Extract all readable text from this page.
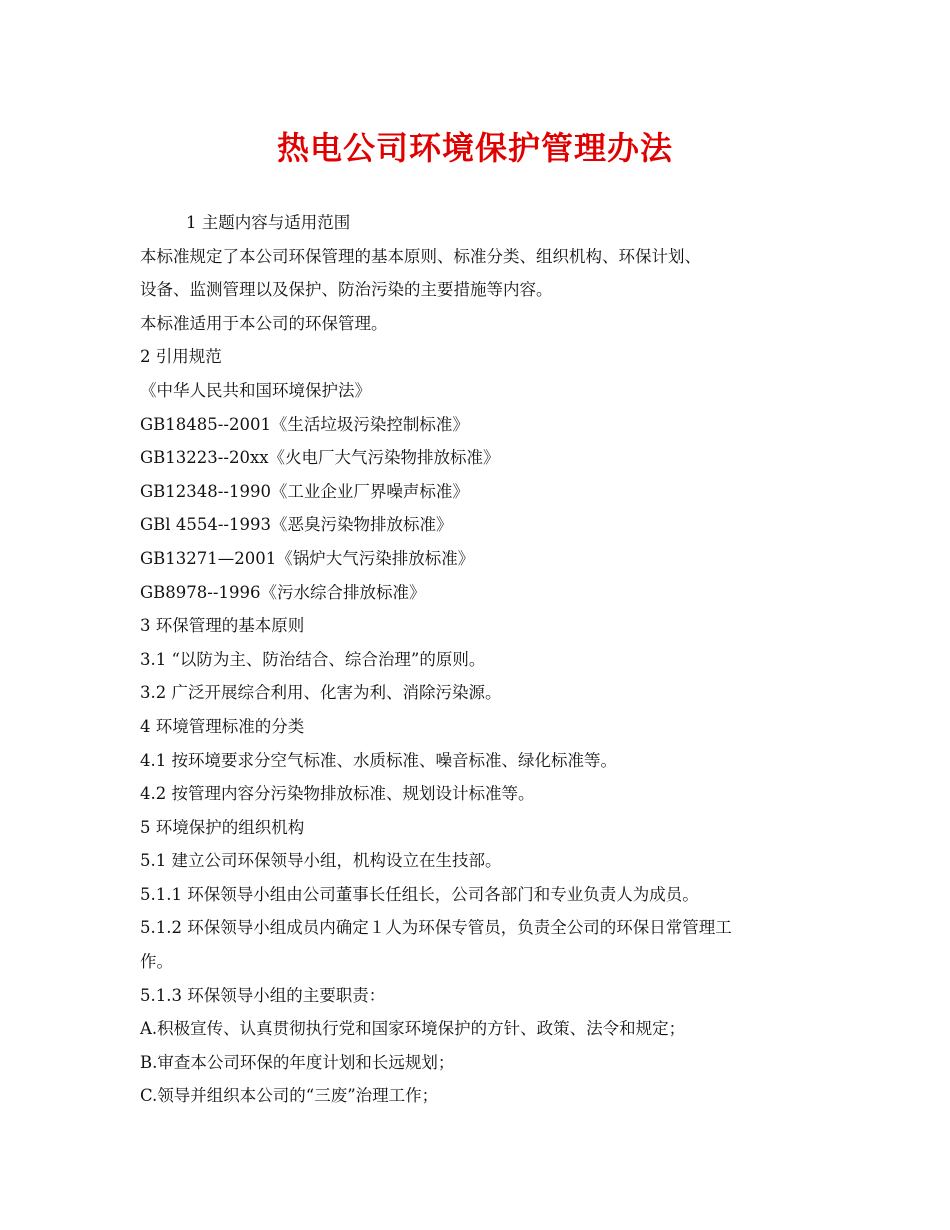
热电公司环境保护管理办法

1 主题内容与适用范围

本标准规定了本公司环保管理的基本原则、标准分类、组织机构、环保计划、

设备、监测管理以及保护、防治污染的主要措施等内容。

本标准适用于本公司的环保管理。

2 引用规范

《中华人民共和国环境保护法》

GB18485--2001《生活垃圾污染控制标准》

GB13223--20xx《火电厂大气污染物排放标准》

GB12348--1990《工业企业厂界噪声标准》

GBl 4554--1993《恶臭污染物排放标准》

GB13271—2001《锅炉大气污染排放标准》

GB8978--1996《污水综合排放标准》

3 环保管理的基本原则

3.1 “以防为主、防治结合、综合治理”的原则。

3.2 广泛开展综合利用、化害为利、消除污染源。

4 环境管理标准的分类

4.1 按环境要求分空气标准、水质标准、噪音标准、绿化标准等。

4.2 按管理内容分污染物排放标准、规划设计标准等。

5 环境保护的组织机构

5.1 建立公司环保领导小组，机构设立在生技部。

5.1.1 环保领导小组由公司董事长任组长，公司各部门和专业负责人为成员。

5.1.2 环保领导小组成员内确定１人为环保专管员，负责全公司的环保日常管理工

作。

5.1.3 环保领导小组的主要职责：

A.积极宣传、认真贯彻执行党和国家环境保护的方针、政策、法令和规定；

B.审查本公司环保的年度计划和长远规划；

C.领导并组织本公司的“三废”治理工作；
